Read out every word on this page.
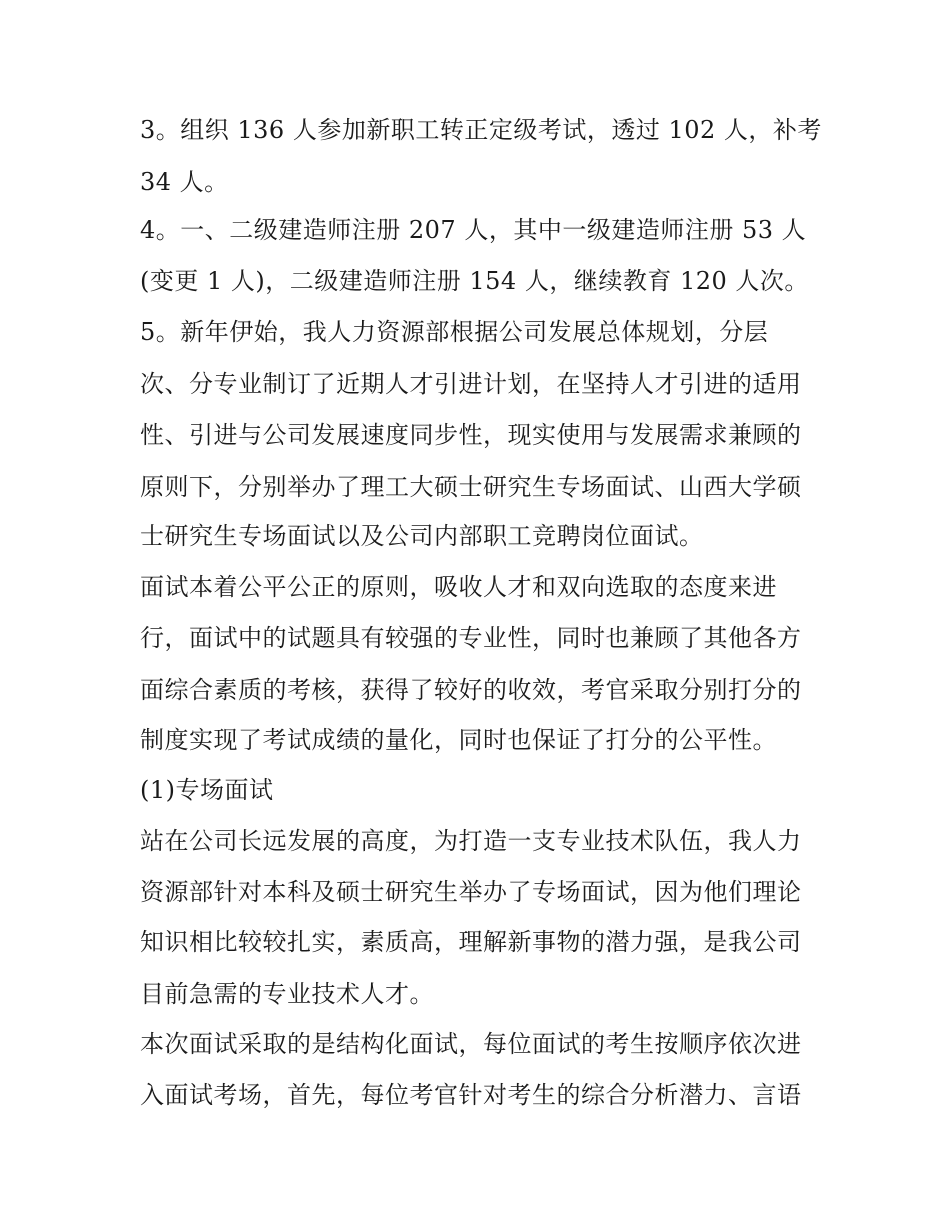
3。组织 136 人参加新职工转正定级考试，透过 102 人，补考
34 人。
4。一、二级建造师注册 207 人，其中一级建造师注册 53 人
(变更 1 人)，二级建造师注册 154 人，继续教育 120 人次。
5。新年伊始，我人力资源部根据公司发展总体规划，分层
次、分专业制订了近期人才引进计划，在坚持人才引进的适用
性、引进与公司发展速度同步性，现实使用与发展需求兼顾的
原则下，分别举办了理工大硕士研究生专场面试、山西大学硕
士研究生专场面试以及公司内部职工竞聘岗位面试。
面试本着公平公正的原则，吸收人才和双向选取的态度来进
行，面试中的试题具有较强的专业性，同时也兼顾了其他各方
面综合素质的考核，获得了较好的收效，考官采取分别打分的
制度实现了考试成绩的量化，同时也保证了打分的公平性。
(1)专场面试
站在公司长远发展的高度，为打造一支专业技术队伍，我人力
资源部针对本科及硕士研究生举办了专场面试，因为他们理论
知识相比较较扎实，素质高，理解新事物的潜力强，是我公司
目前急需的专业技术人才。
本次面试采取的是结构化面试，每位面试的考生按顺序依次进
入面试考场，首先，每位考官针对考生的综合分析潜力、言语
